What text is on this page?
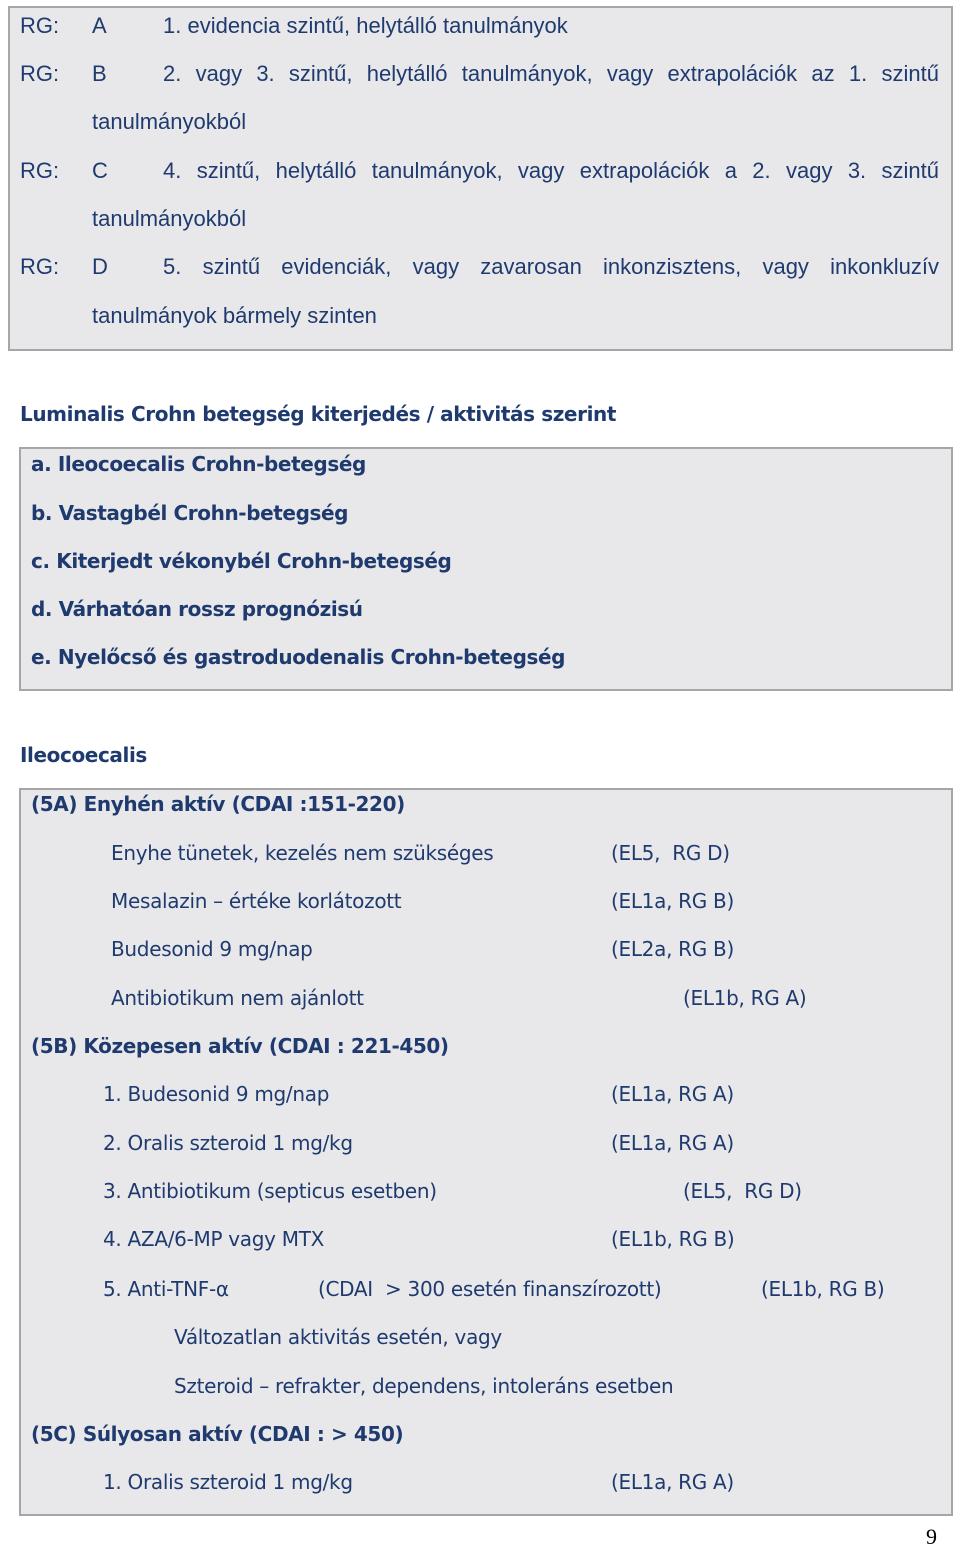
RG: A	1. evidencia szintű, helytálló tanulmányok
RG: B	2. vagy 3. szintű, helytálló tanulmányok, vagy extrapolációk az 1. szintű
tanulmányokból
RG: C	4. szintű, helytálló tanulmányok, vagy extrapolációk a 2. vagy 3. szintű
tanulmányokból
RG: D	5. szintű evidenciák, vagy zavarosan inkonzisztens, vagy inkonkluzív
tanulmányok bármely szinten
Luminalis Crohn betegség kiterjedés / aktivitás szerint
a. Ileocoecalis Crohn-betegség
b. Vastagbél Crohn-betegség
c. Kiterjedt vékonybél Crohn-betegség
d. Várhatóan rossz prognózisú
e. Nyelőcső és gastroduodenalis Crohn-betegség
Ileocoecalis
(5A) Enyhén aktív (CDAI :151-220)
Enyhe tünetek, kezelés nem szükséges	(EL5,  RG D)
Mesalazin – értéke korlátozott	(EL1a, RG B)
Budesonid 9 mg/nap	(EL2a, RG B)
Antibiotikum nem ajánlott	(EL1b, RG A)
(5B) Közepesen aktív (CDAI : 221-450)
1. Budesonid 9 mg/nap	(EL1a, RG A)
2. Oralis szteroid 1 mg/kg	(EL1a, RG A)
3. Antibiotikum (septicus esetben)	(EL5,  RG D)
4. AZA/6-MP vagy MTX	(EL1b, RG B)
5. Anti-TNF-α	(CDAI  > 300 esetén finanszírozott)	(EL1b, RG B)
Változatlan aktivitás esetén, vagy
Szteroid – refrakter, dependens, intoleráns esetben
(5C) Súlyosan aktív (CDAI : > 450)
1. Oralis szteroid 1 mg/kg	(EL1a, RG A)
9
